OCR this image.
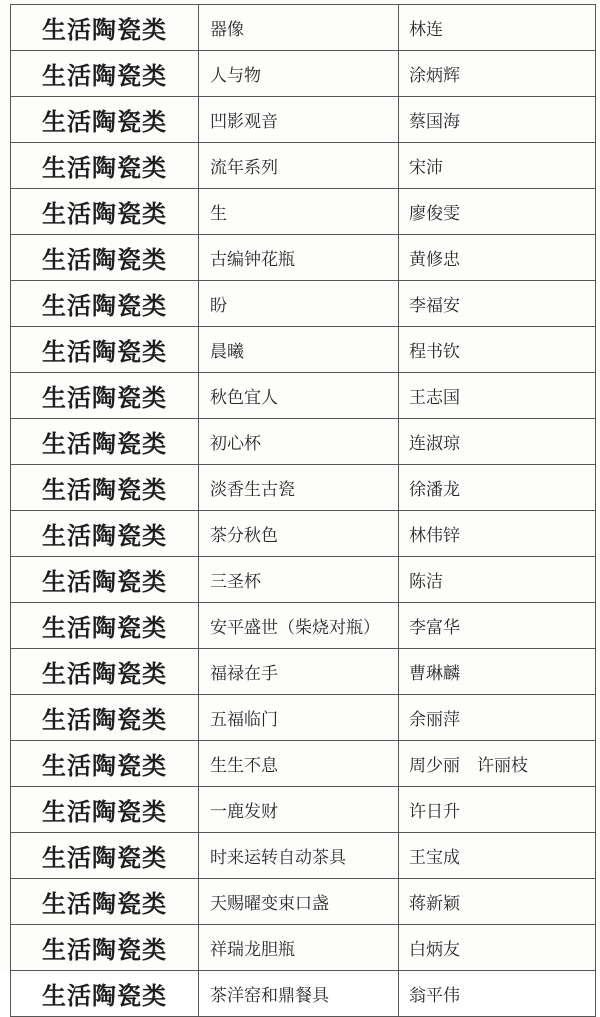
生活陶瓷类	器像	林连
生活陶瓷类	人与物	涂炳辉
生活陶瓷类	凹影观音	蔡国海
生活陶瓷类	流年系列	宋沛
生活陶瓷类	生	廖俊雯
生活陶瓷类	古编钟花瓶	黄修忠
生活陶瓷类	盼	李福安
生活陶瓷类	晨曦	程书钦
生活陶瓷类	秋色宜人	王志国
生活陶瓷类	初心杯	连淑琼
生活陶瓷类	淡香生古瓷	徐潘龙
生活陶瓷类	茶分秋色	林伟锌
生活陶瓷类	三圣杯	陈洁
生活陶瓷类	安平盛世（柴烧对瓶）	李富华
生活陶瓷类	福禄在手	曹琳麟
生活陶瓷类	五福临门	余丽萍
生活陶瓷类	生生不息	周少丽　许丽枝
生活陶瓷类	一鹿发财	许日升
生活陶瓷类	时来运转自动茶具	王宝成
生活陶瓷类	天赐曜变束口盏	蒋新颖
生活陶瓷类	祥瑞龙胆瓶	白炳友
生活陶瓷类	茶洋窑和鼎餐具	翁平伟
